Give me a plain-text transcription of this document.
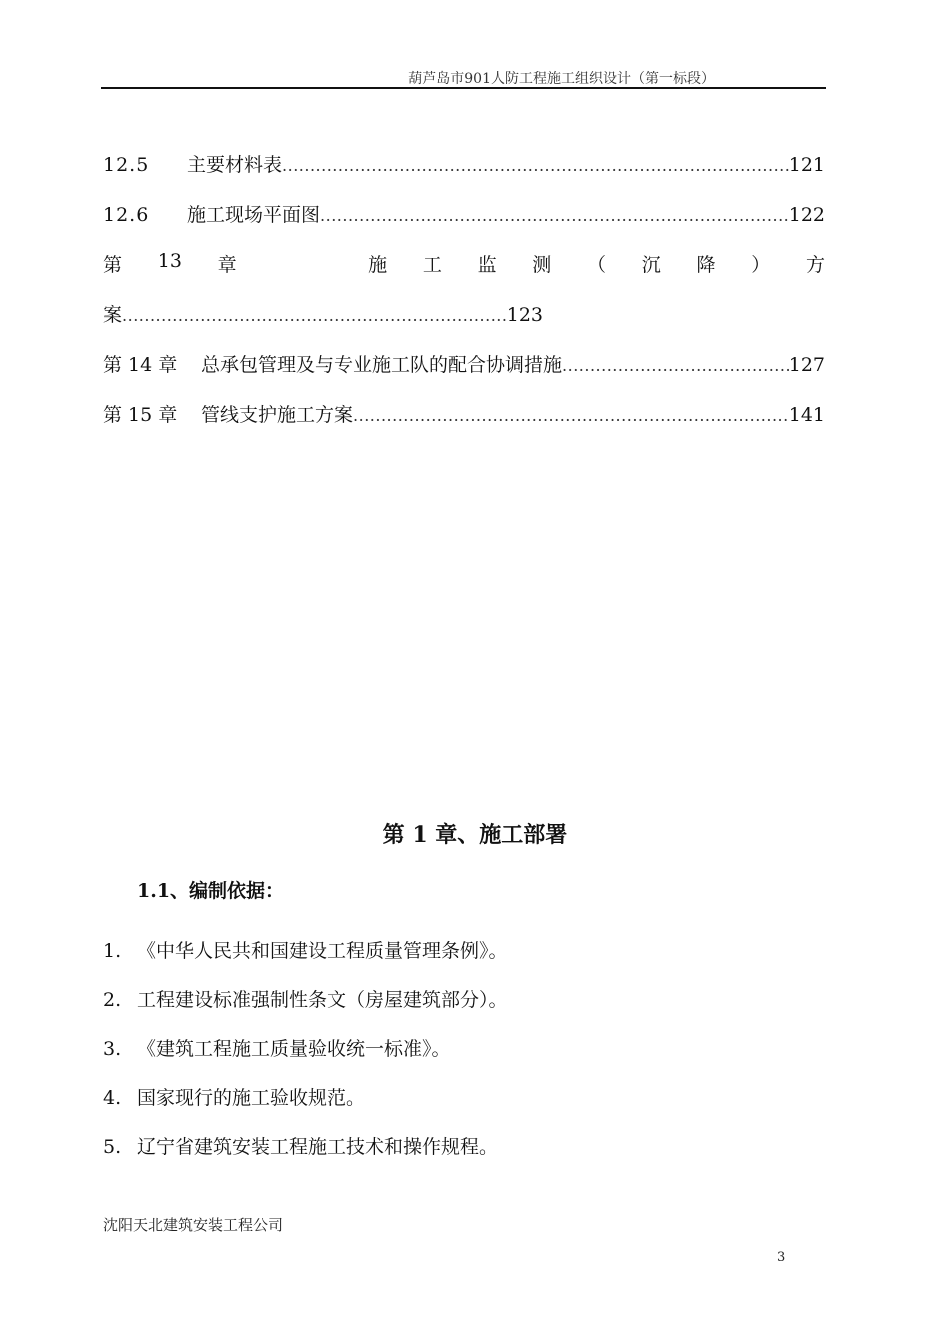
葫芦岛市901人防工程施工组织设计（第一标段）
12.5 主要材料表 .....	121
12.6 施工现场平面图 .....	122
第 13 章	施 工 监 测 （ 沉 降 ） 方
案 .....	123
第 14 章 总承包管理及与专业施工队的配合协调措施 .....	127
第 15 章 管线支护施工方案 .....	141
第 1 章、施工部署
1.1、编制依据：
1. 《中华人民共和国建设工程质量管理条例》。
2. 工程建设标准强制性条文（房屋建筑部分）。
3. 《建筑工程施工质量验收统一标准》。
4. 国家现行的施工验收规范。
5. 辽宁省建筑安装工程施工技术和操作规程。
沈阳天北建筑安装工程公司
3
